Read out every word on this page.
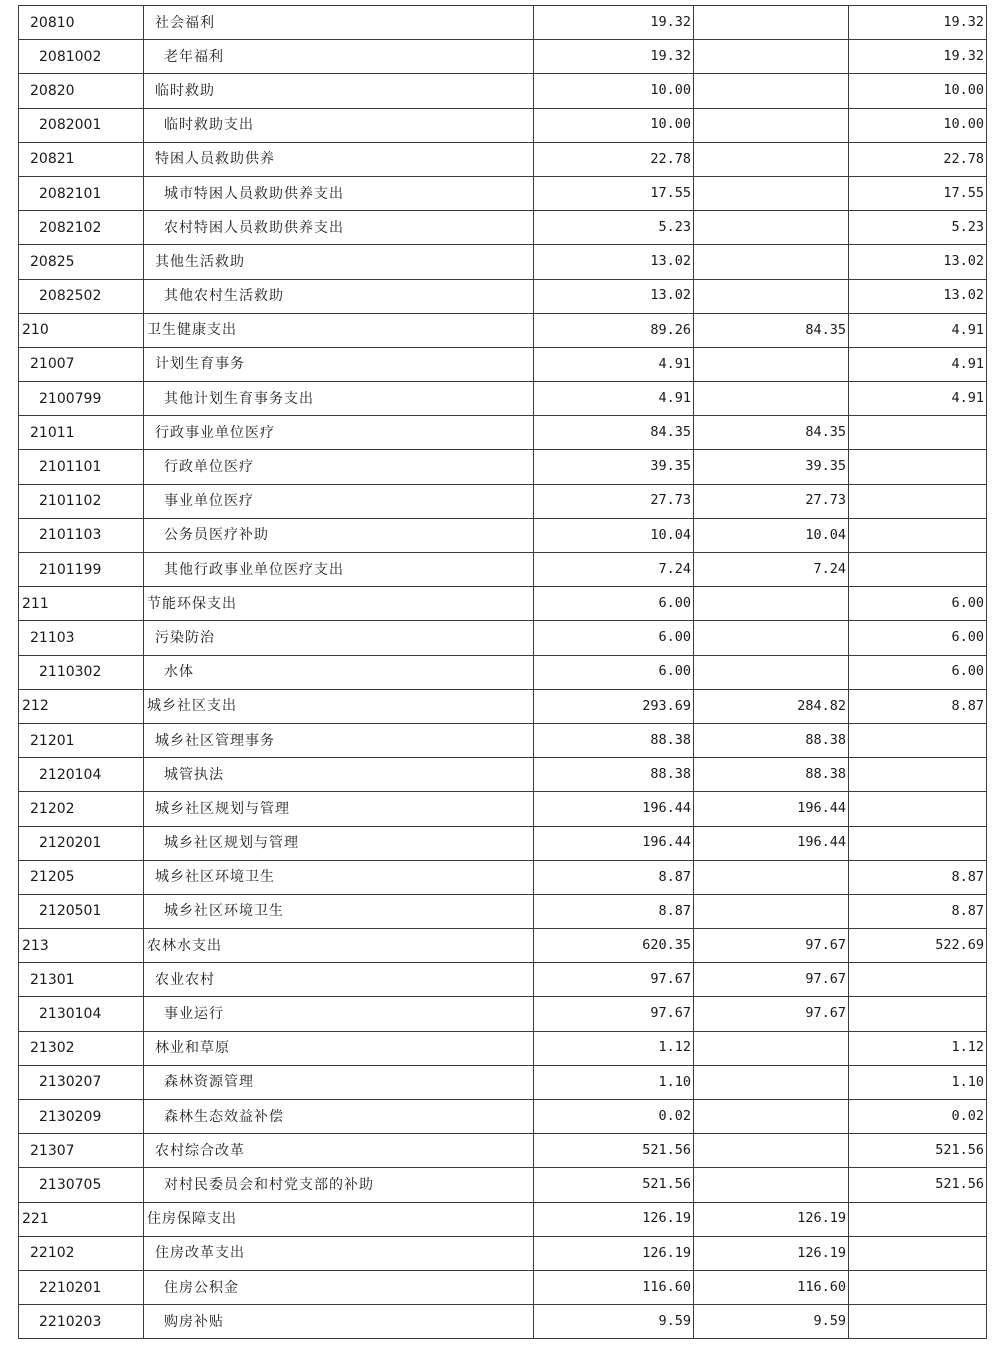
20810	社会福利	19.32		19.32
2081002	老年福利	19.32		19.32
20820	临时救助	10.00		10.00
2082001	临时救助支出	10.00		10.00
20821	特困人员救助供养	22.78		22.78
2082101	城市特困人员救助供养支出	17.55		17.55
2082102	农村特困人员救助供养支出	5.23		5.23
20825	其他生活救助	13.02		13.02
2082502	其他农村生活救助	13.02		13.02
210	卫生健康支出	89.26	84.35	4.91
21007	计划生育事务	4.91		4.91
2100799	其他计划生育事务支出	4.91		4.91
21011	行政事业单位医疗	84.35	84.35	
2101101	行政单位医疗	39.35	39.35	
2101102	事业单位医疗	27.73	27.73	
2101103	公务员医疗补助	10.04	10.04	
2101199	其他行政事业单位医疗支出	7.24	7.24	
211	节能环保支出	6.00		6.00
21103	污染防治	6.00		6.00
2110302	水体	6.00		6.00
212	城乡社区支出	293.69	284.82	8.87
21201	城乡社区管理事务	88.38	88.38	
2120104	城管执法	88.38	88.38	
21202	城乡社区规划与管理	196.44	196.44	
2120201	城乡社区规划与管理	196.44	196.44	
21205	城乡社区环境卫生	8.87		8.87
2120501	城乡社区环境卫生	8.87		8.87
213	农林水支出	620.35	97.67	522.69
21301	农业农村	97.67	97.67	
2130104	事业运行	97.67	97.67	
21302	林业和草原	1.12		1.12
2130207	森林资源管理	1.10		1.10
2130209	森林生态效益补偿	0.02		0.02
21307	农村综合改革	521.56		521.56
2130705	对村民委员会和村党支部的补助	521.56		521.56
221	住房保障支出	126.19	126.19	
22102	住房改革支出	126.19	126.19	
2210201	住房公积金	116.60	116.60	
2210203	购房补贴	9.59	9.59	
